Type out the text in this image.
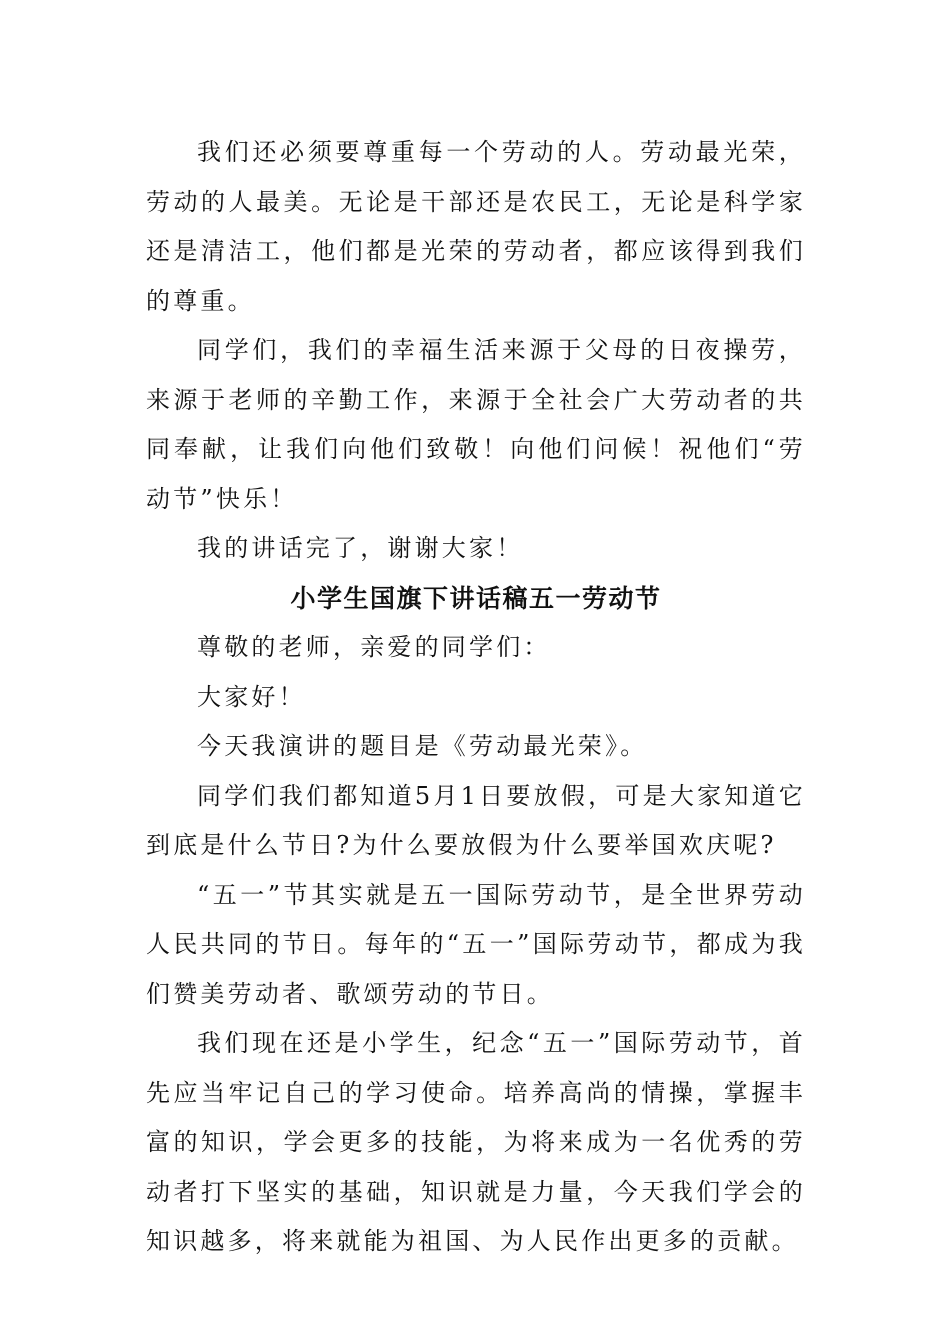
我们还必须要尊重每一个劳动的人。劳动最光荣，劳动的人最美。无论是干部还是农民工，无论是科学家还是清洁工，他们都是光荣的劳动者，都应该得到我们的尊重。

同学们，我们的幸福生活来源于父母的日夜操劳，来源于老师的辛勤工作，来源于全社会广大劳动者的共同奉献，让我们向他们致敬！向他们问候！祝他们“劳动节”快乐！

我的讲话完了，谢谢大家！

小学生国旗下讲话稿五一劳动节

尊敬的老师，亲爱的同学们：

大家好！

今天我演讲的题目是《劳动最光荣》。

同学们我们都知道5月1日要放假，可是大家知道它到底是什么节日?为什么要放假为什么要举国欢庆呢?

“五一”节其实就是五一国际劳动节，是全世界劳动人民共同的节日。每年的“五一”国际劳动节，都成为我们赞美劳动者、歌颂劳动的节日。

我们现在还是小学生，纪念“五一”国际劳动节，首先应当牢记自己的学习使命。培养高尚的情操，掌握丰富的知识，学会更多的技能，为将来成为一名优秀的劳动者打下坚实的基础，知识就是力量，今天我们学会的知识越多，将来就能为祖国、为人民作出更多的贡献。
